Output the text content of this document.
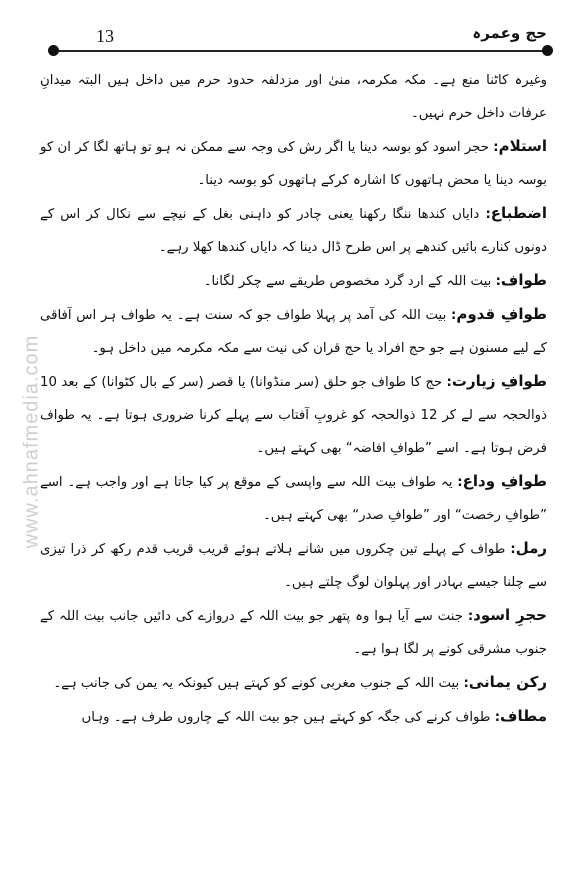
www.ahnafmedia.com
13	حج وعمرہ

وغیرہ کاٹنا منع ہے۔ مکہ مکرمہ، منیٰ اور مزدلفہ حدود حرم میں داخل ہیں البتہ میدانِ عرفات داخل حرم نہیں۔

استلام: حجر اسود کو بوسہ دینا یا اگر رش کی وجہ سے ممکن نہ ہو تو ہاتھ لگا کر ان کو بوسہ دینا یا محض ہاتھوں کا اشارہ کرکے ہاتھوں کو بوسہ دینا۔

اضطباع: دایاں کندھا ننگا رکھنا یعنی چادر کو داہنی بغل کے نیچے سے نکال کر اس کے دونوں کنارے بائیں کندھے پر اس طرح ڈال دینا کہ دایاں کندھا کھلا رہے۔

طواف: بیت اللہ کے ارد گرد مخصوص طریقے سے چکر لگانا۔

طوافِ قدوم: بیت اللہ کی آمد پر پہلا طواف جو کہ سنت ہے۔ یہ طواف ہر اس آفاقی کے لیے مسنون ہے جو حج افراد یا حج قران کی نیت سے مکہ مکرمہ میں داخل ہو۔

طوافِ زیارت: حج کا طواف جو حلق (سر منڈوانا) یا قصر (سر کے بال کٹوانا) کے بعد 10 ذوالحجہ سے لے کر 12 ذوالحجہ کو غروبِ آفتاب سے پہلے کرنا ضروری ہوتا ہے۔ یہ طواف فرض ہوتا ہے۔ اسے ”طوافِ افاضہ“ بھی کہتے ہیں۔

طوافِ وداع: یہ طواف بیت اللہ سے واپسی کے موقع پر کیا جاتا ہے اور واجب ہے۔ اسے ”طوافِ رخصت“ اور ”طوافِ صدر“ بھی کہتے ہیں۔

رمل: طواف کے پہلے تین چکروں میں شانے ہلاتے ہوئے قریب قریب قدم رکھ کر ذرا تیزی سے چلنا جیسے بہادر اور پہلوان لوگ چلتے ہیں۔

حجرِ اسود: جنت سے آیا ہوا وہ پتھر جو بیت اللہ کے دروازے کی دائیں جانب بیت اللہ کے جنوب مشرقی کونے پر لگا ہوا ہے۔

رکن یمانی: بیت اللہ کے جنوب مغربی کونے کو کہتے ہیں کیونکہ یہ یمن کی جانب ہے۔

مطاف: طواف کرنے کی جگہ کو کہتے ہیں جو بیت اللہ کے چاروں طرف ہے۔ وہاں
